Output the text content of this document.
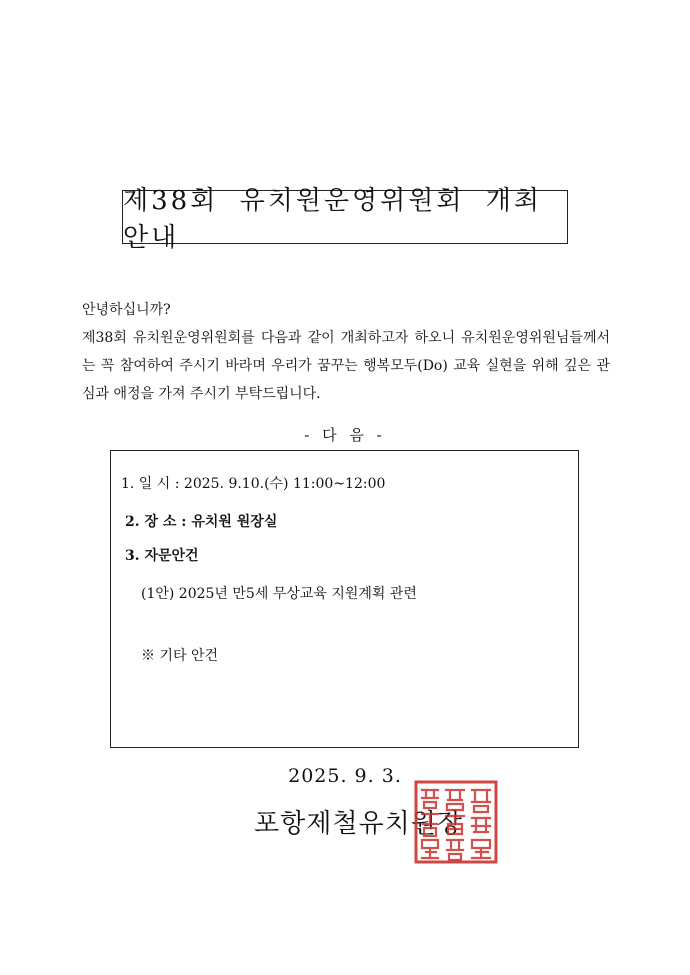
제38회 유치원운영위원회 개최 안내
안녕하십니까?
제38회 유치원운영위원회를 다음과 같이 개최하고자 하오니 유치원운영위원님들께서는 꼭 참여하여 주시기 바라며 우리가 꿈꾸는 행복모두(Do) 교육 실현을 위해 깊은 관심과 애정을 가져 주시기 부탁드립니다.
- 다 음 -
1. 일 시 : 2025. 9.10.(수) 11:00~12:00
2. 장 소 : 유치원 원장실
3. 자문안건
(1안) 2025년 만5세 무상교육 지원계획 관련
※ 기타 안건
2025. 9. 3.
포항제철유치원장
